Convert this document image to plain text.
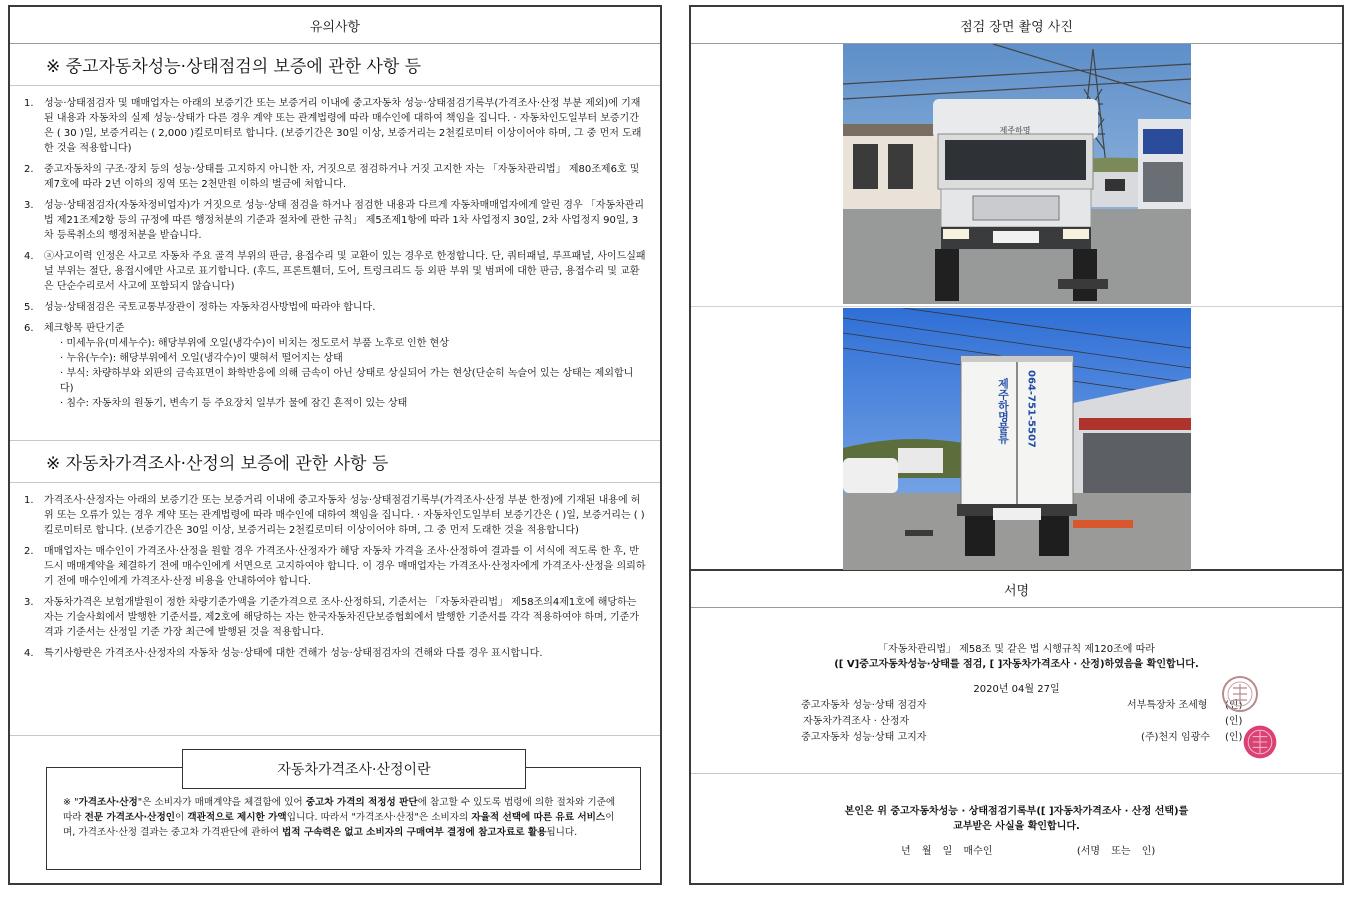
유의사항
※ 중고자동차성능·상태점검의 보증에 관한 사항 등
1.	성능·상태점검자 및 매매업자는 아래의 보증기간 또는 보증거리 이내에 중고자동차 성능·상태점검기록부(가격조사·산정 부분 제외)에 기재된 내용과 자동차의 실제 성능·상태가 다른 경우 계약 또는 관계법령에 따라 매수인에 대하여 책임을 집니다. · 자동차인도일부터 보증기간은 ( 30 )일, 보증거리는 ( 2,000 )킬로미터로 합니다. (보증기간은 30일 이상, 보증거리는 2천킬로미터 이상이어야 하며, 그 중 먼저 도래한 것을 적용합니다)
2.	중고자동차의 구조·장치 등의 성능·상태를 고지하지 아니한 자, 거짓으로 점검하거나 거짓 고지한 자는 「자동차관리법」 제80조제6호 및 제7호에 따라 2년 이하의 징역 또는 2천만원 이하의 벌금에 처합니다.
3.	성능·상태점검자(자동차정비업자)가 거짓으로 성능·상태 점검을 하거나 점검한 내용과 다르게 자동차매매업자에게 알린 경우 「자동차관리법 제21조제2항 등의 규정에 따른 행정처분의 기준과 절차에 관한 규칙」 제5조제1항에 따라 1차 사업정지 30일, 2차 사업정지 90일, 3차 등록취소의 행정처분을 받습니다.
4.	ⓐ사고이력 인정은 사고로 자동차 주요 골격 부위의 판금, 용접수리 및 교환이 있는 경우로 한정합니다. 단, 쿼터패널, 루프패널, 사이드실패널 부위는 절단, 용접시에만 사고로 표기합니다. (후드, 프론트휀더, 도어, 트렁크리드 등 외판 부위 및 범퍼에 대한 판금, 용접수리 및 교환은 단순수리로서 사고에 포함되지 않습니다)
5.	성능·상태점검은 국토교통부장관이 정하는 자동차검사방법에 따라야 합니다.
6.	체크항목 판단기준
· 미세누유(미세누수): 해당부위에 오일(냉각수)이 비치는 정도로서 부품 노후로 인한 현상
· 누유(누수): 해당부위에서 오일(냉각수)이 맺혀서 떨어지는 상태
· 부식: 차량하부와 외판의 금속표면이 화학반응에 의해 금속이 아닌 상태로 상실되어 가는 현상(단순히 녹슬어 있는 상태는 제외합니다)
· 침수: 자동차의 원동기, 변속기 등 주요장치 일부가 물에 잠긴 흔적이 있는 상태
※ 자동차가격조사·산정의 보증에 관한 사항 등
1.	가격조사·산정자는 아래의 보증기간 또는 보증거리 이내에 중고자동차 성능·상태점검기록부(가격조사·산정 부분 한정)에 기재된 내용에 허위 또는 오류가 있는 경우 계약 또는 관계법령에 따라 매수인에 대하여 책임을 집니다. · 자동차인도일부터 보증기간은 ( )일, 보증거리는 ( )킬로미터로 합니다. (보증기간은 30일 이상, 보증거리는 2천킬로미터 이상이어야 하며, 그 중 먼저 도래한 것을 적용합니다)
2.	매매업자는 매수인이 가격조사·산정을 원할 경우 가격조사·산정자가 해당 자동차 가격을 조사·산정하여 결과를 이 서식에 적도록 한 후, 반드시 매매계약을 체결하기 전에 매수인에게 서면으로 고지하여야 합니다. 이 경우 매매업자는 가격조사·산정자에게 가격조사·산정을 의뢰하기 전에 매수인에게 가격조사·산정 비용을 안내하여야 합니다.
3.	자동차가격은 보험개발원이 정한 차량기준가액을 기준가격으로 조사·산정하되, 기준서는 「자동차관리법」 제58조의4제1호에 해당하는 자는 기술사회에서 발행한 기준서를, 제2호에 해당하는 자는 한국자동차진단보증협회에서 발행한 기준서를 각각 적용하여야 하며, 기준가격과 기준서는 산정일 기준 가장 최근에 발행된 것을 적용합니다.
4.	특기사항란은 가격조사·산정자의 자동차 성능·상태에 대한 견해가 성능·상태점검자의 견해와 다를 경우 표시합니다.
자동차가격조사·산정이란
※ "가격조사·산정"은 소비자가 매매계약을 체결함에 있어 중고차 가격의 적정성 판단에 참고할 수 있도록 법령에 의한 절차와 기준에 따라 전문 가격조사·산정인이 객관적으로 제시한 가액입니다. 따라서 "가격조사·산정"은 소비자의 자율적 선택에 따른 유료 서비스이며, 가격조사·산정 결과는 중고차 가격판단에 관하여 법적 구속력은 없고 소비자의 구매여부 결정에 참고자료로 활용됩니다.
점검 장면 촬영 사진
제주하명
제주하명물류 064-751-5507
서명
「자동차관리법」 제58조 및 같은 법 시행규칙 제120조에 따라
([ V]중고자동차성능·상태를 점검, [ ]자동차가격조사 · 산정)하였음을 확인합니다.
2020년 04월 27일
중고자동차 성능·상태 점검자	서부특장차 조세형 (인)
자동차가격조사 · 산정자	(인)
중고자동차 성능·상태 고지자	(주)천지 임광수 (인)
본인은 위 중고자동차성능 · 상태점검기록부([ ]자동차가격조사 · 산정 선택)를
교부받은 사실을 확인합니다.
년 월 일 매수인	(서명 또는 인)
